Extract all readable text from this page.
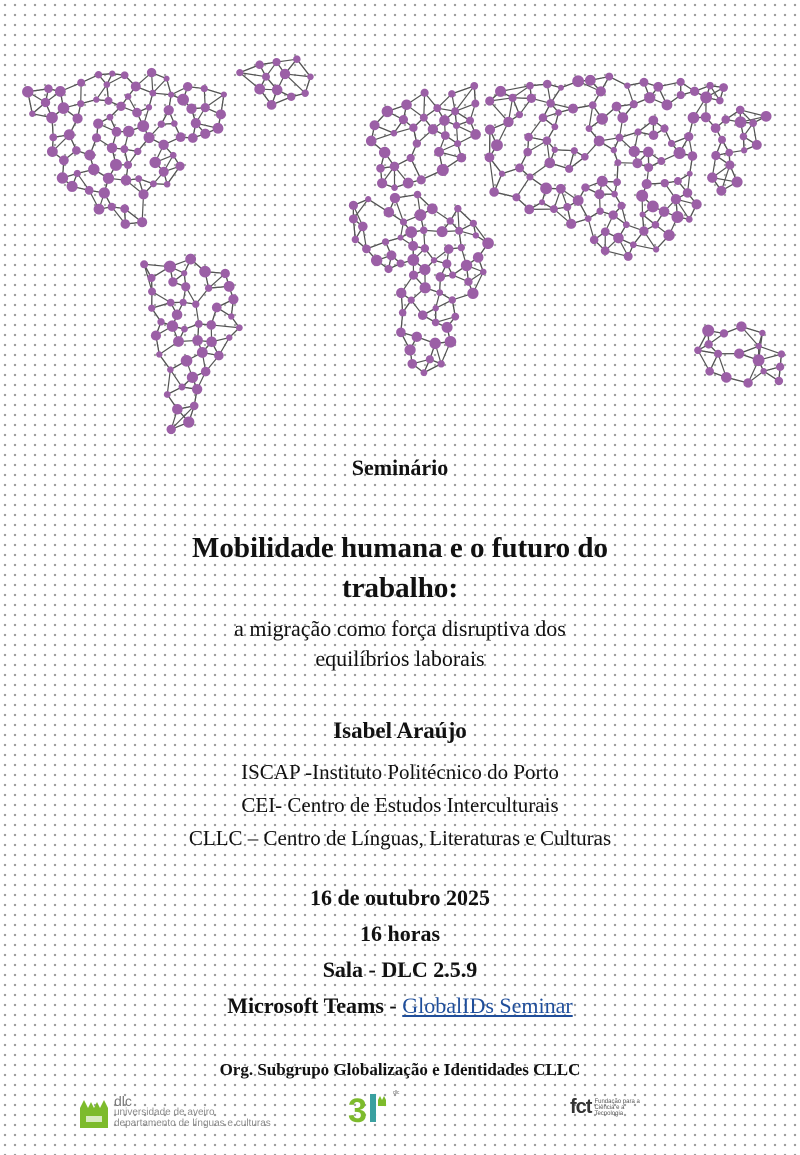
Seminário
Mobilidade humana e o futuro do
trabalho:
a migração como força disruptiva dos
equilíbrios laborais
Isabel Araújo
ISCAP -Instituto Politécnico do Porto
CEI- Centro de Estudos Interculturais
CLLC – Centro de Línguas, Literaturas e Culturas
16 de outubro 2025
16 horas
Sala - DLC 2.5.9
Microsoft Teams - GlobalIDs Seminar
Org. Subgrupo Globalização e Identidades CLLC
dlc
universidade de aveiro
departamento de línguas e culturas 3	dlc
fct Fundação para a Ciência e a Tecnologia
